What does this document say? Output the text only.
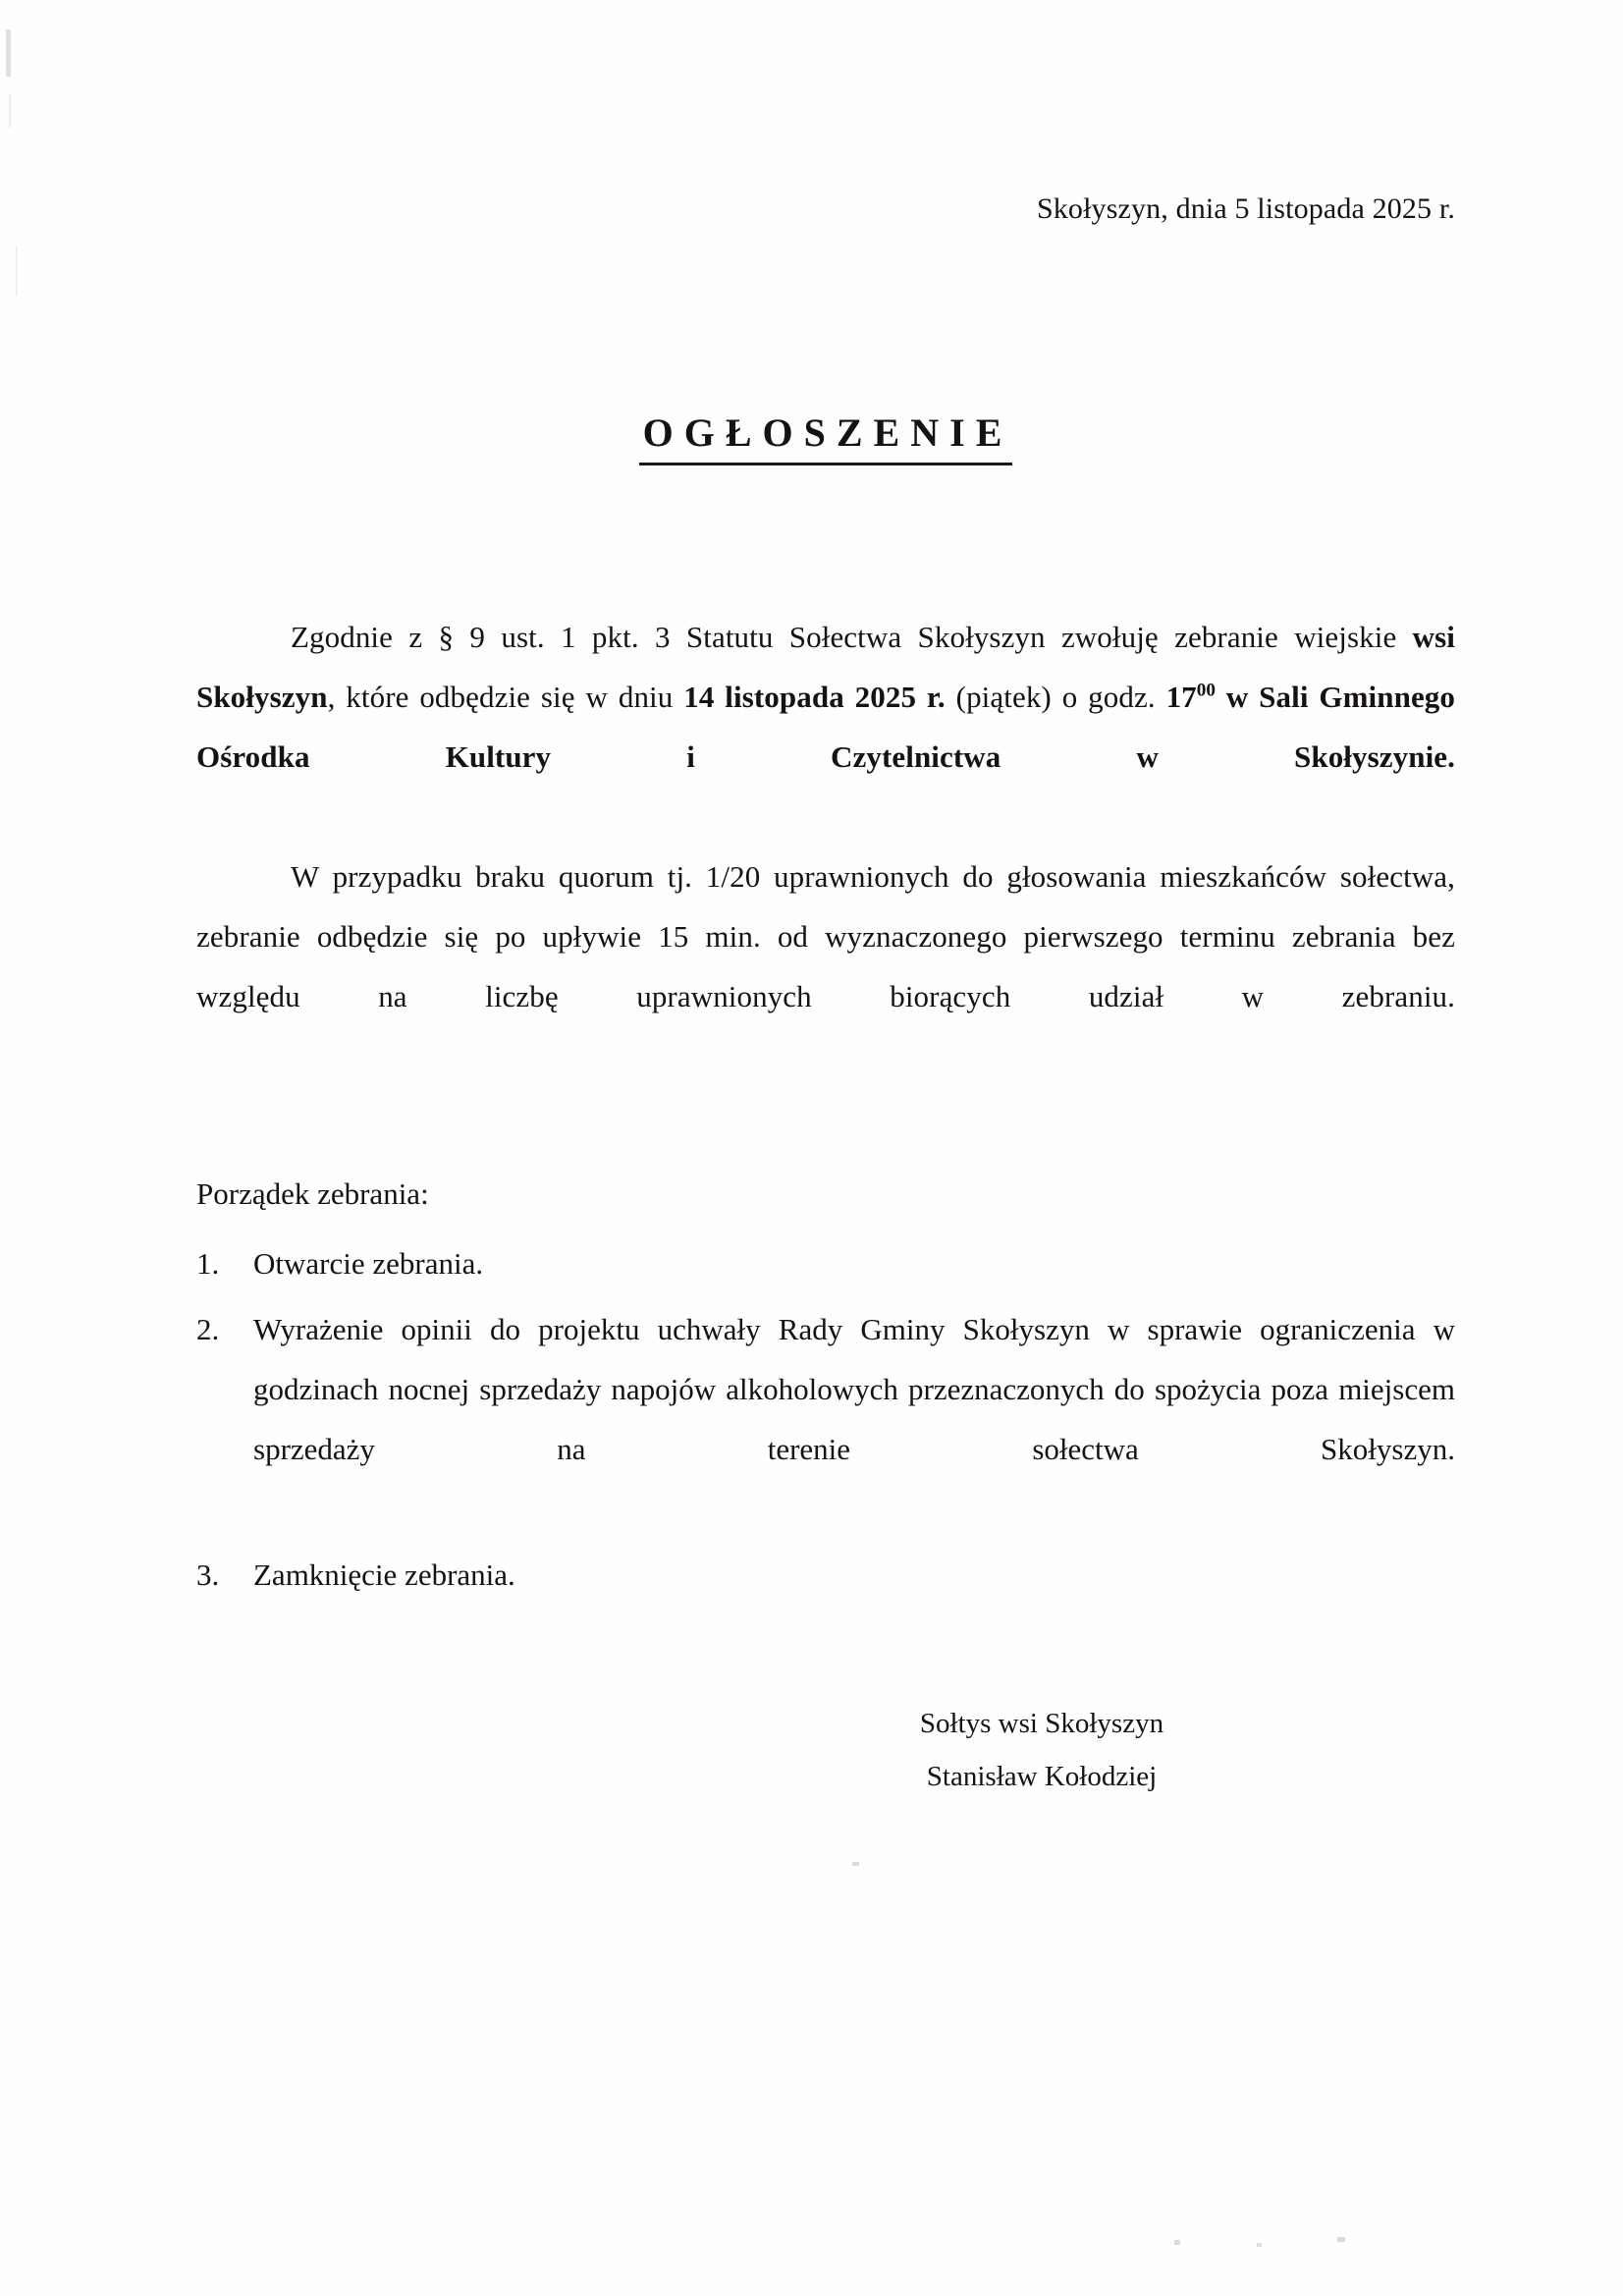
Skołyszyn, dnia 5 listopada 2025 r.
OGŁOSZENIE

Zgodnie z § 9 ust. 1 pkt. 3 Statutu Sołectwa Skołyszyn zwołuję zebranie wiejskie wsi Skołyszyn, które odbędzie się w dniu 14 listopada 2025 r. (piątek) o godz. $17^{00}$ w Sali Gminnego Ośrodka Kultury i Czytelnictwa w Skołyszynie.

W przypadku braku quorum tj. 1/20 uprawnionych do głosowania mieszkańców sołectwa, zebranie odbędzie się po upływie 15 min. od wyznaczonego pierwszego terminu zebrania bez względu na liczbę uprawnionych biorących udział w zebraniu.

Porządek zebrania:
1.	Otwarcie zebrania.
2.	Wyrażenie opinii do projektu uchwały Rady Gminy Skołyszyn w sprawie ograniczenia w godzinach nocnej sprzedaży napojów alkoholowych przeznaczonych do spożycia poza miejscem sprzedaży na terenie sołectwa Skołyszyn.
3.	Zamknięcie zebrania.
Sołtys wsi Skołyszyn
Stanisław Kołodziej
